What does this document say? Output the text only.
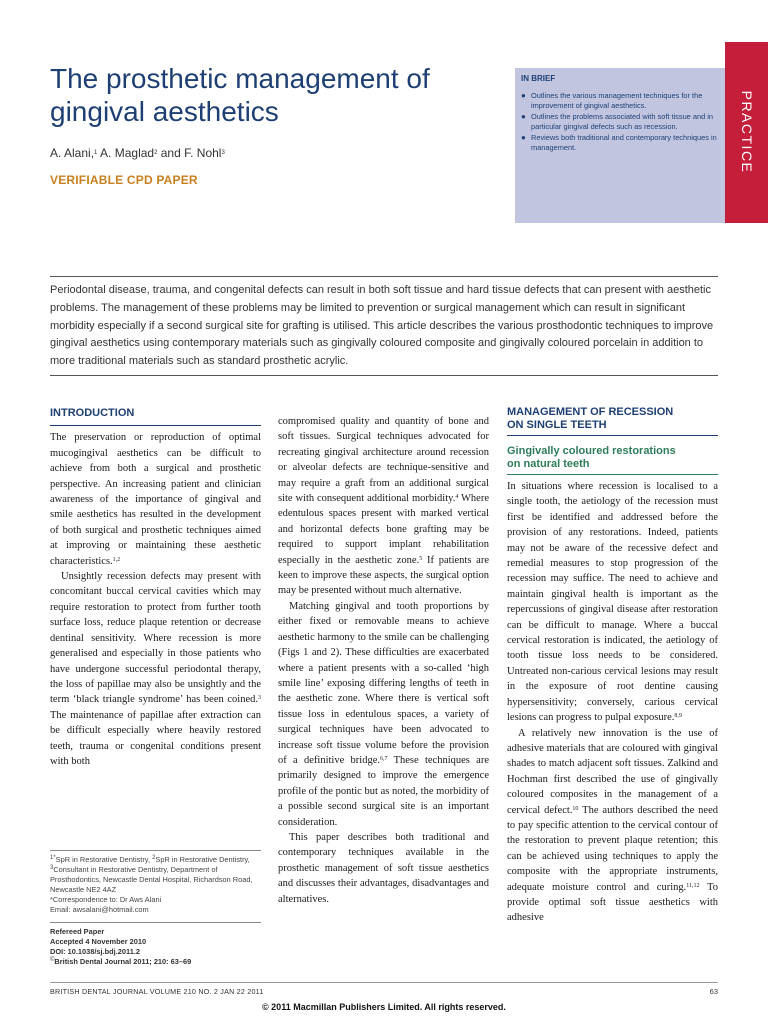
The prosthetic management of gingival aesthetics
A. Alani,$^1$ A. Maglad$^2$ and F. Nohl$^3$
VERIFIABLE CPD PAPER
IN BRIEF
● Outlines the various management techniques for the improvement of gingival aesthetics.
● Outlines the problems associated with soft tissue and in particular gingival defects such as recession.
● Reviews both traditional and contemporary techniques in management.	PRACTICE

Periodontal disease, trauma, and congenital defects can result in both soft tissue and hard tissue defects that can present with aesthetic problems. The management of these problems may be limited to prevention or surgical management which can result in significant morbidity especially if a second surgical site for grafting is utilised. This article describes the various prosthodontic techniques to improve gingival aesthetics using contemporary materials such as gingivally coloured composite and gingivally coloured porcelain in addition to more traditional materials such as standard prosthetic acrylic.

INTRODUCTION

The preservation or reproduction of optimal mucogingival aesthetics can be difficult to achieve from both a surgical and prosthetic perspective. An increasing patient and clinician awareness of the importance of gingival and smile aesthetics has resulted in the development of both surgical and prosthetic techniques aimed at improving or maintaining these aesthetic characteristics.$^{1,2}$

Unsightly recession defects may present with concomitant buccal cervical cavities which may require restoration to protect from further tooth surface loss, reduce plaque retention or decrease dentinal sensitivity. Where recession is more generalised and especially in those patients who have undergone successful periodontal therapy, the loss of papillae may also be unsightly and the term ‘black triangle syndrome’ has been coined.$^3$ The maintenance of papillae after extraction can be difficult especially where heavily restored teeth, trauma or congenital conditions present with both

$^{1*}$SpR in Restorative Dentistry, $^2$SpR in Restorative Dentistry, $^3$Consultant in Restorative Dentistry, Department of Prosthodontics, Newcastle Dental Hospital, Richardson Road, Newcastle NE2 4AZ
*Correspondence to: Dr Aws Alani
Email: awsalani@hotmail.com
Refereed Paper
Accepted 4 November 2010
DOI: 10.1038/sj.bdj.2011.2
©British Dental Journal 2011; 210: 63–69

compromised quality and quantity of bone and soft tissues. Surgical techniques advocated for recreating gingival architecture around recession or alveolar defects are technique-sensitive and may require a graft from an additional surgical site with consequent additional morbidity.$^4$ Where edentulous spaces present with marked vertical and horizontal defects bone grafting may be required to support implant rehabilitation especially in the aesthetic zone.$^5$ If patients are keen to improve these aspects, the surgical option may be presented without much alternative.

Matching gingival and tooth proportions by either fixed or removable means to achieve aesthetic harmony to the smile can be challenging (Figs 1 and 2). These difficulties are exacerbated where a patient presents with a so-called ‘high smile line’ exposing differing lengths of teeth in the aesthetic zone. Where there is vertical soft tissue loss in edentulous spaces, a variety of surgical techniques have been advocated to increase soft tissue volume before the provision of a definitive bridge.$^{6,7}$ These techniques are primarily designed to improve the emergence profile of the pontic but as noted, the morbidity of a possible second surgical site is an important consideration.

This paper describes both traditional and contemporary techniques available in the prosthetic management of soft tissue aesthetics and discusses their advantages, disadvantages and alternatives.

MANAGEMENT OF RECESSION
ON SINGLE TEETH
Gingivally coloured restorations
on natural teeth

In situations where recession is localised to a single tooth, the aetiology of the recession must first be identified and addressed before the provision of any restorations. Indeed, patients may not be aware of the recessive defect and remedial measures to stop progression of the recession may suffice. The need to achieve and maintain gingival health is important as the repercussions of gingival disease after restoration can be difficult to manage. Where a buccal cervical restoration is indicated, the aetiology of tooth tissue loss needs to be considered. Untreated non-carious cervical lesions may result in the exposure of root dentine causing hypersensitivity; conversely, carious cervical lesions can progress to pulpal exposure.$^{8,9}$

A relatively new innovation is the use of adhesive materials that are coloured with gingival shades to match adjacent soft tissues. Zalkind and Hochman first described the use of gingivally coloured composites in the management of a cervical defect.$^{10}$ The authors described the need to pay specific attention to the cervical contour of the restoration to prevent plaque retention; this can be achieved using techniques to apply the composite with the appropriate instruments, adequate moisture control and curing.$^{11,12}$ To provide optimal soft tissue aesthetics with adhesive

BRITISH DENTAL JOURNAL VOLUME 210 NO. 2 JAN 22 2011	63
© 2011 Macmillan Publishers Limited. All rights reserved.
